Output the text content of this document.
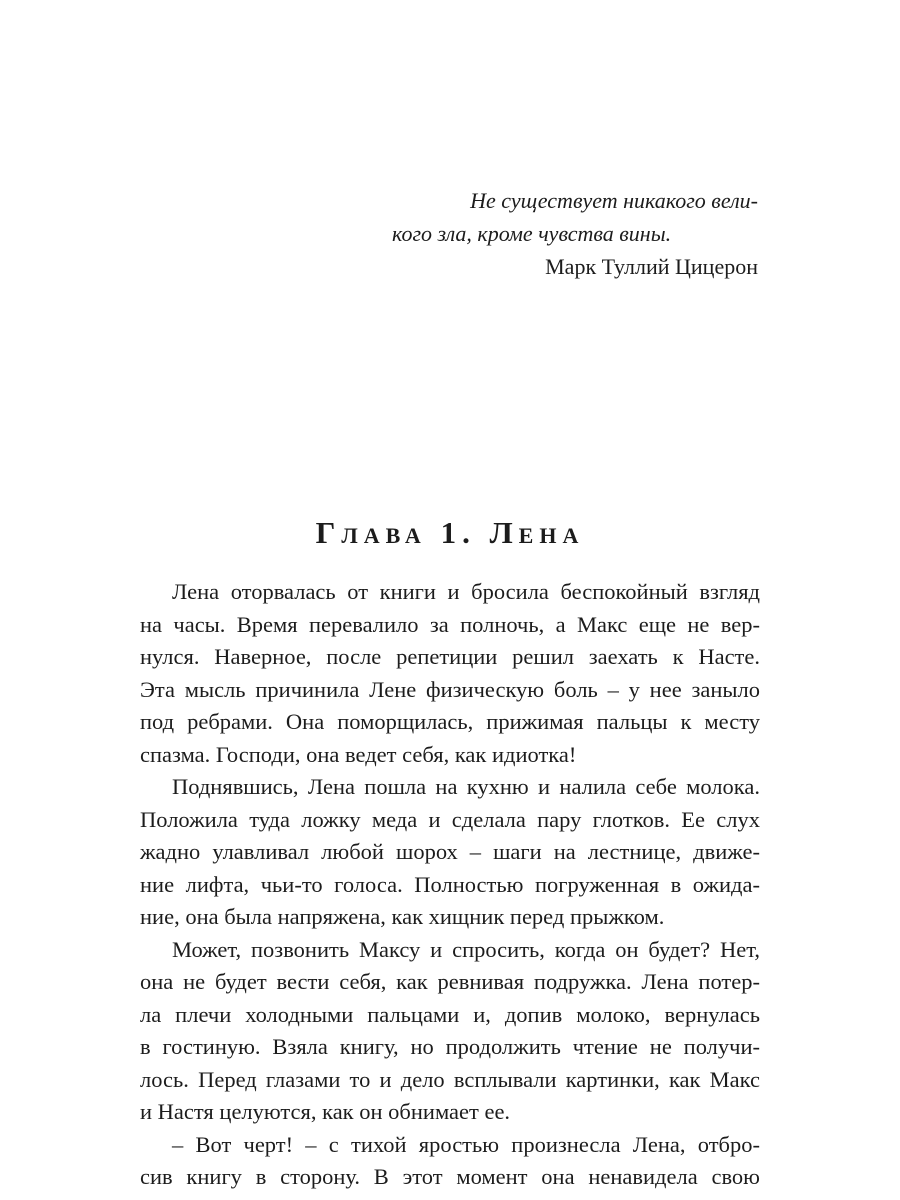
Не существует никакого вели-
кого зла, кроме чувства вины.
Марк Туллий Цицерон
Глава 1. Лена
Лена оторвалась от книги и бросила беспокойный взгляд
на часы. Время перевалило за полночь, а Макс еще не вер-
нулся. Наверное, после репетиции решил заехать к Насте.
Эта мысль причинила Лене физическую боль – у нее заныло
под ребрами. Она поморщилась, прижимая пальцы к месту
спазма. Господи, она ведет себя, как идиотка!
Поднявшись, Лена пошла на кухню и налила себе молока.
Положила туда ложку меда и сделала пару глотков. Ее слух
жадно улавливал любой шорох – шаги на лестнице, движе-
ние лифта, чьи-то голоса. Полностью погруженная в ожида-
ние, она была напряжена, как хищник перед прыжком.
Может, позвонить Максу и спросить, когда он будет? Нет,
она не будет вести себя, как ревнивая подружка. Лена потер-
ла плечи холодными пальцами и, допив молоко, вернулась
в гостиную. Взяла книгу, но продолжить чтение не получи-
лось. Перед глазами то и дело всплывали картинки, как Макс
и Настя целуются, как он обнимает ее.
– Вот черт! – с тихой яростью произнесла Лена, отбро-
сив книгу в сторону. В этот момент она ненавидела свою
